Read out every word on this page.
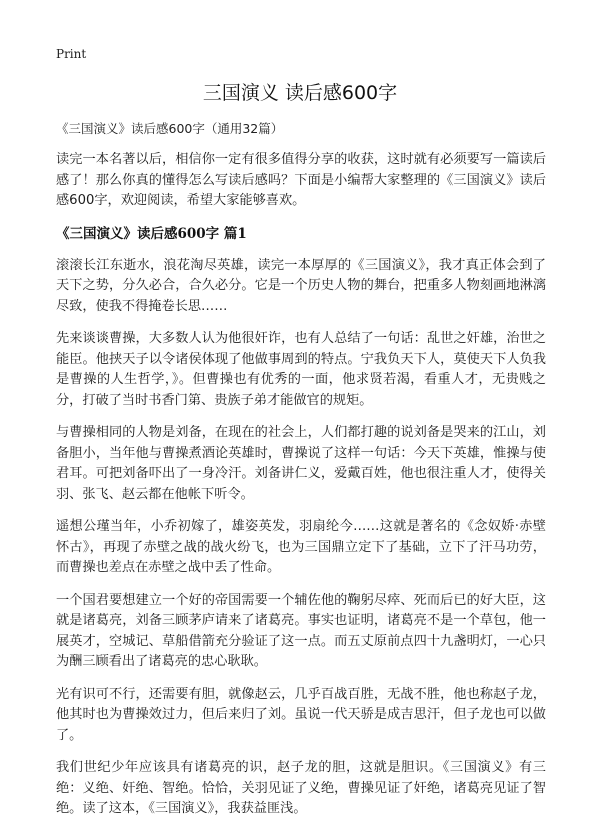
Print
三国演义 读后感600字

《三国演义》读后感600字（通用32篇）

读完一本名著以后，相信你一定有很多值得分享的收获，这时就有必须要写一篇读后感了！那么你真的懂得怎么写读后感吗？下面是小编帮大家整理的《三国演义》读后感600字，欢迎阅读，希望大家能够喜欢。

《三国演义》读后感600字 篇1

滚滚长江东逝水，浪花淘尽英雄，读完一本厚厚的《三国演义》，我才真正体会到了天下之势，分久必合，合久必分。它是一个历史人物的舞台，把重多人物刻画地淋漓尽致，使我不得掩卷长思……

先来谈谈曹操，大多数人认为他很奸诈，也有人总结了一句话：乱世之奸雄，治世之能臣。他挟天子以令诸侯体现了他做事周到的特点。宁我负天下人，莫使天下人负我是曹操的人生哲学，》。但曹操也有优秀的一面，他求贤若渴，看重人才，无贵贱之分，打破了当时书香门第、贵族子弟才能做官的规矩。

与曹操相同的人物是刘备，在现在的社会上，人们都打趣的说刘备是哭来的江山，刘备胆小，当年他与曹操煮酒论英雄时，曹操说了这样一句话：今天下英雄，惟操与使君耳。可把刘备吓出了一身冷汗。刘备讲仁义，爱戴百姓，他也很注重人才，使得关羽、张飞、赵云都在他帐下听令。

遥想公瑾当年，小乔初嫁了，雄姿英发，羽扇纶今……这就是著名的《念奴娇·赤壁怀古》，再现了赤壁之战的战火纷飞，也为三国鼎立定下了基础，立下了汗马功劳，而曹操也差点在赤壁之战中丢了性命。

一个国君要想建立一个好的帝国需要一个辅佐他的鞠躬尽瘁、死而后已的好大臣，这就是诸葛亮，刘备三顾茅庐请来了诸葛亮。事实也证明，诸葛亮不是一个草包，他一展英才，空城记、草船借箭充分验证了这一点。而五丈原前点四十九盏明灯，一心只为酬三顾看出了诸葛亮的忠心耿耿。

光有识可不行，还需要有胆，就像赵云，几乎百战百胜，无战不胜，他也称赵子龙，他其时也为曹操效过力，但后来归了刘。虽说一代天骄是成吉思汗，但子龙也可以做了。

我们世纪少年应该具有诸葛亮的识，赵子龙的胆，这就是胆识。《三国演义》有三绝：义绝、奸绝、智绝。恰恰，关羽见证了义绝，曹操见证了奸绝，诸葛亮见证了智绝。读了这本，《三国演义》，我获益匪浅。
